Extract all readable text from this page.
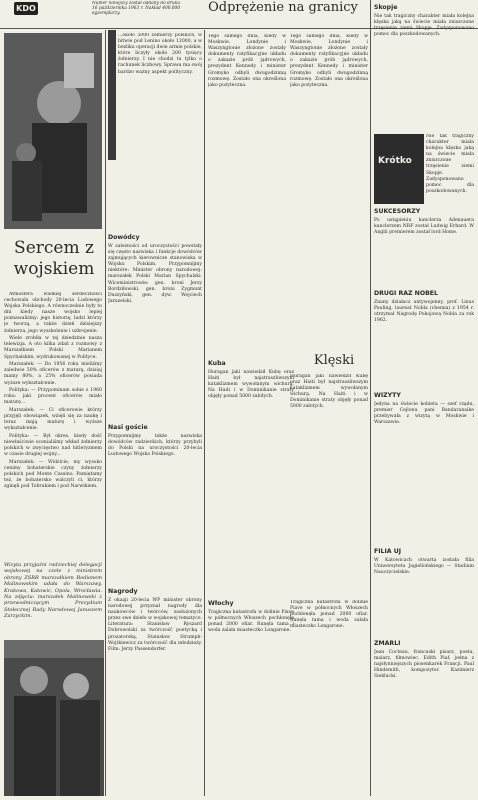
KDO
Numer niniejszy został oddany do druku 16 października 1963 r. Nakład 400.000 egzemplarzy.
Sercem z wojskiem

Atmosfera wielkiej serdeczności cechowała obchody 20-lecia Ludowego Wojska Polskiego. A równocześnie były to dni kiedy nasze wojsko lepiej poznawaliśmy: jego historię, ludzi którzy je tworzą, a także dzień dzisiejszy żołnierza, jego wyszkolenie i uzbrojenie.

Wiele zrobiła w tej dziedzinie nasza telewizja. A oto kilka zdań z rozmowy z Marszałkiem Polski Marianem Spychalskim, wydrukowanej w Polityce.

Marszałek: — Do 1956 roku mieliśmy zaledwie 50% oficerów z maturą, dzisiaj mamy 80%, a 25% oficerów posiada wyższe wykształcenie.

Polityka: — Przypominam sobie z 1960 roku: jaki procent oficerów miało maturę...

Marszałek: — Ci oficerowie którzy przyjęli obowiązek, wzięli się za naukę i teraz mają maturę i wyższe wykształcenie.

Polityka: — Był okres, kiedy dość niewłaściwie ocenialiśmy wkład żołnierzy polskich w zwycięstwo nad hitleryzmem w czasie drugiej wojny...

Marszałek: — Widzicie, my wysoko cenimy bohaterskie czyny żołnierzy polskich pod Monte Cassino. Pamiętamy też, że bohatersko walczyli ci, którzy zginęli pod Tobrukiem i pod Narwikiem.

Wizyta przyjaźni radzieckiej delegacji wojskowej na czele z ministrem obrony ZSRR marszałkiem Rodionem Malinowskim udała do Warszawy, Krakowa, Katowic, Opola, Wrocławia. Na zdjęciu: marszałek Malinowski z przewodniczącym Prezydium Stołecznej Rady Narodowej Januszem Zarzyckim.
...około 5000 żołnierzy polskich, w bitwie pod Lenino około 12000, a w bezliku operacji dwie armie polskie, które liczyły około 200 tysięcy żołnierzy. I nie chodzi tu tylko o rachunek liczbowy. Sprawa ma swój bardzo ważny aspekt polityczny.
Dowódcy
W zależności od uroczystości powstały się często nazwiska i funkcje dowódców zajmujących kierownicze stanowiska w Wojsku Polskim. Przypomnijmy niektóre: Minister obrony narodowej: marszałek Polski Marian Spychalski. Wiceministrowie: gen. broni Jerzy Bordziłowski, gen. broni Zygmunt Duszyński, gen. dyw. Wojciech Jaruzelski.
Nasi goście
Przypomnijmy także nazwiska dowódców radzieckich, którzy przybyli do Polski na uroczystości 20-lecia Ludowego Wojska Polskiego.
Nagrody
Z okazji 20-lecia WP minister obrony narodowej przyznał nagrody dla naukowców i twórców, zasłużonych przez swe dzieło w wojskowej tematyce. Literatura: Stanisław Ryszard Dobrowolski za twórczość poetycką i prozatorską, Stanisław Strumph-Wojtkiewicz za twórczość dla młodzieży. Film: Jerzy Passendorfer.
Odprężenie na granicy
Tego samego dnia, kiedy w Moskwie, Londynie i Waszyngtonie złożone zostały dokumenty ratyfikacyjne układu o zakazie prób jądrowych, prezydent Kennedy i minister Gromyko odbyli dwugodzinną rozmowę. Zostało ona określona jako pożyteczna.
Tego samego dnia, kiedy w Moskwie, Londynie i Waszyngtonie złożone zostały dokumenty ratyfikacyjne układu o zakazie prób jądrowych, prezydent Kennedy i minister Gromyko odbyli dwugodzinną rozmowę. Zostało ona określona jako pożyteczna.
Klęski
Kuba
Huragan jaki nawiedził Kubę oraz Haiti był najstraszliwszym kataklizmem wywołanym wichurą. Na Haiti i w Dominikanie straty objęły ponad 5000 zabitych.
Huragan jaki nawiedził Kubę oraz Haiti był najstraszliwszym kataklizmem wywołanym wichurą. Na Haiti i w Dominikanie straty objęły ponad 5000 zabitych.
Włochy
Tragiczna katastrofa w dolinie Piave w północnych Włoszech pochłonęła ponad 2000 ofiar. Runęła tama i woda zalała miasteczko Longarone.
Tragiczna katastrofa w dolinie Piave w północnych Włoszech pochłonęła ponad 2000 ofiar. Runęła tama i woda zalała miasteczko Longarone.
Skopje
Nie tak tragiczny charakter miała kolejna klęska jaką na świecie miała zniszczone trzęsienie ziemi Skopje. Zadysponowano pomoc dla poszkodowanych.
Krótko
Nie tak tragiczny charakter miała kolejna klęska jaką na świecie miała zniszczone trzęsienie ziemi Skopje. Zadysponowano pomoc dla poszkodowanych.
SUKCESORZY
Po ustąpieniu kanclerza Adenauera kanclerzem NRF został Ludwig Erhard. W Anglii premierem został lord Home.
DRUGI RAZ NOBEL
Znany działacz antywojenny, prof. Linus Pauling, laureat Nobla (chemia) z 1954 r. otrzymał Nagrodę Pokojową Nobla za rok 1962.
WIZYTY
Jedyna na świecie kobieta — szef rządu, premier Cejlonu pani Bandaranaike przebywała z wizytą w Moskwie i Warszawie.
FILIA UJ
W Katowicach otwarta została filia Uniwersytetu Jagiellońskiego — Studium Nauczycielskie.
ZMARLI
Jean Cocteau, francuski pisarz, poeta, malarz, filmowiec. Edith Piaf, jedna z najsłynniejszych piosenkarek Francji. Paul Hindemith, kompozytor. Kazimierz Sieklucki.
